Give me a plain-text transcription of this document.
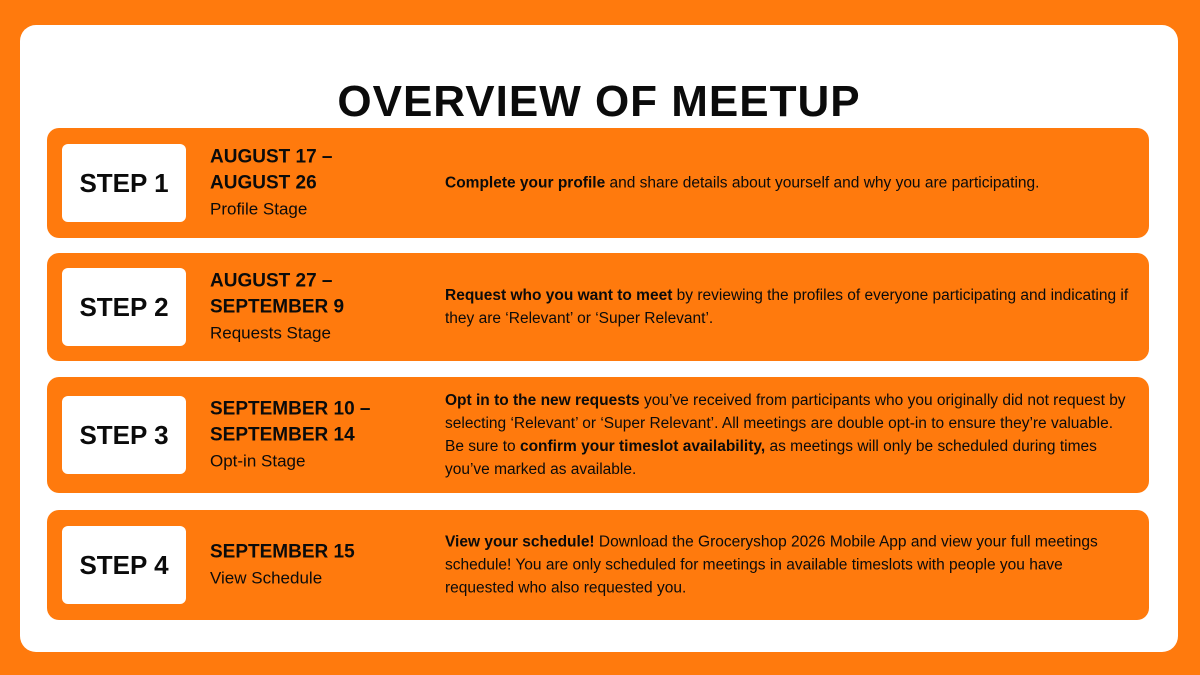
OVERVIEW OF MEETUP
STEP 1
AUGUST 17 –
AUGUST 26
Profile Stage
Complete your profile and share details about yourself and why you are participating.
STEP 2
AUGUST 27 –
SEPTEMBER 9
Requests Stage
Request who you want to meet by reviewing the profiles of everyone participating and indicating if they are ‘Relevant’ or ‘Super Relevant’.
STEP 3
SEPTEMBER 10 –
SEPTEMBER 14
Opt-in Stage
Opt in to the new requests you’ve received from participants who you originally did not request by selecting ‘Relevant’ or ‘Super Relevant’. All meetings are double opt-in to ensure they’re valuable. Be sure to confirm your timeslot availability, as meetings will only be scheduled during times you’ve marked as available.
STEP 4	SEPTEMBER 15
View Schedule
View your schedule! Download the Groceryshop 2026 Mobile App and view your full meetings schedule! You are only scheduled for meetings in available timeslots with people you have requested who also requested you.
